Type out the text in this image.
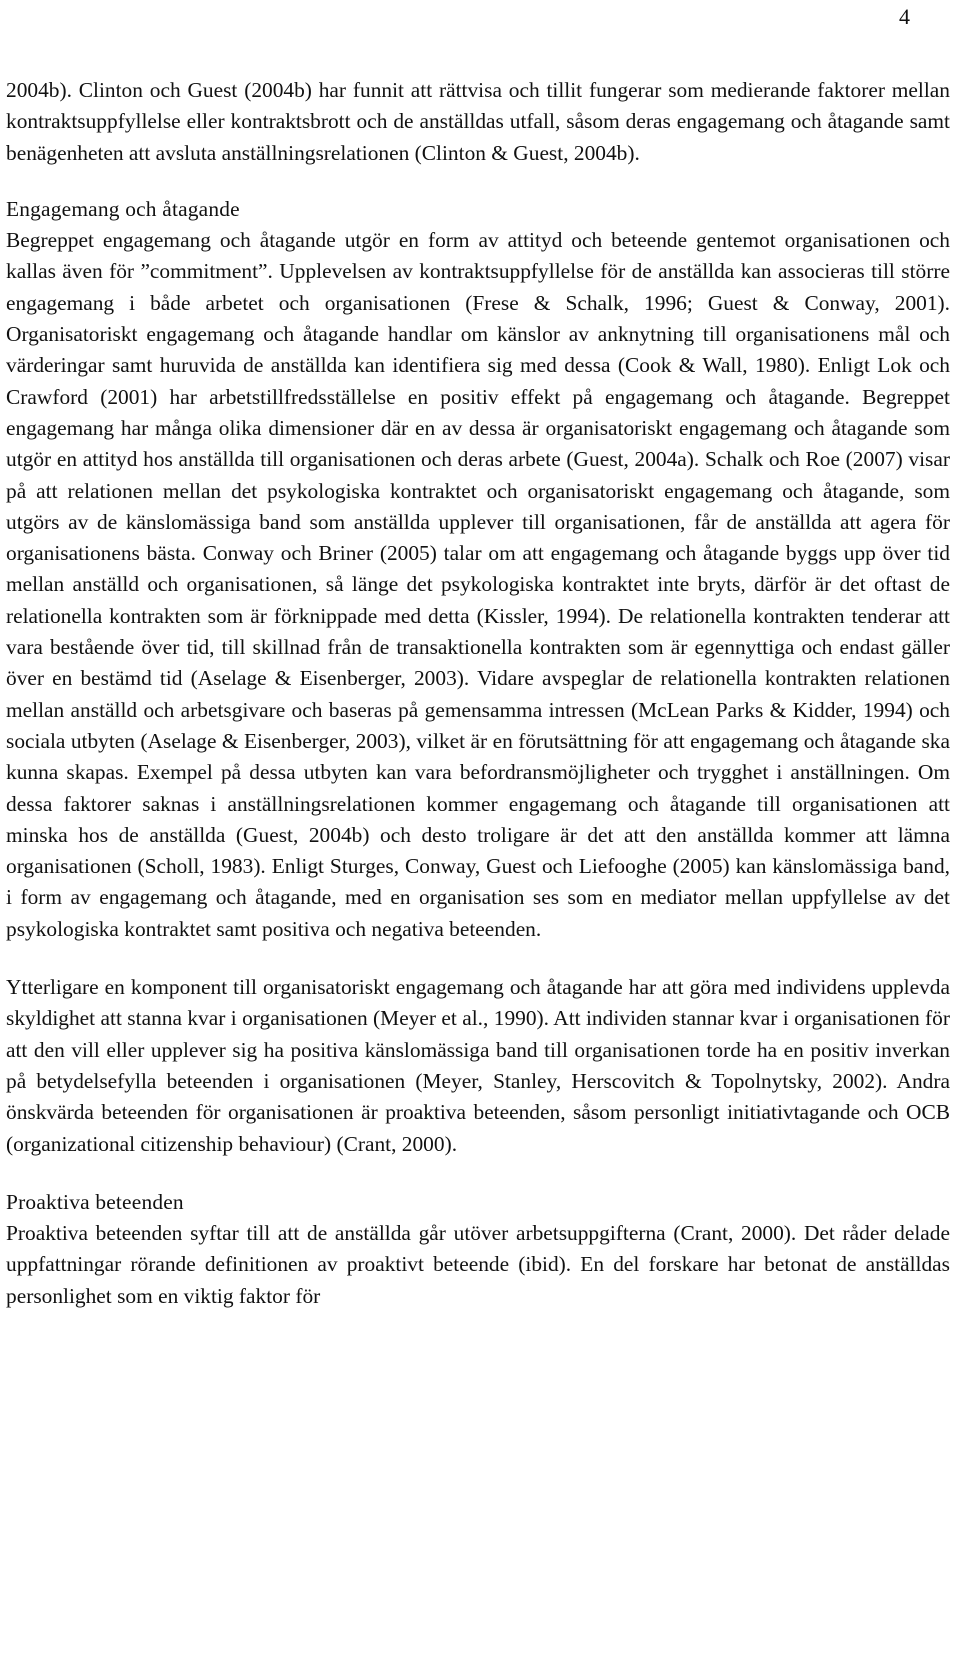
4

2004b). Clinton och Guest (2004b) har funnit att rättvisa och tillit fungerar som medierande faktorer mellan kontraktsuppfyllelse eller kontraktsbrott och de anställdas utfall, såsom deras engagemang och åtagande samt benägenheten att avsluta anställningsrelationen (Clinton & Guest, 2004b).

Engagemang och åtagande

Begreppet engagemang och åtagande utgör en form av attityd och beteende gentemot organisationen och kallas även för ”commitment”. Upplevelsen av kontraktsuppfyllelse för de anställda kan associeras till större engagemang i både arbetet och organisationen (Frese & Schalk, 1996; Guest & Conway, 2001). Organisatoriskt engagemang och åtagande handlar om känslor av anknytning till organisationens mål och värderingar samt huruvida de anställda kan identifiera sig med dessa (Cook & Wall, 1980). Enligt Lok och Crawford (2001) har arbetstillfredsställelse en positiv effekt på engagemang och åtagande. Begreppet engagemang har många olika dimensioner där en av dessa är organisatoriskt engagemang och åtagande som utgör en attityd hos anställda till organisationen och deras arbete (Guest, 2004a). Schalk och Roe (2007) visar på att relationen mellan det psykologiska kontraktet och organisatoriskt engagemang och åtagande, som utgörs av de känslomässiga band som anställda upplever till organisationen, får de anställda att agera för organisationens bästa. Conway och Briner (2005) talar om att engagemang och åtagande byggs upp över tid mellan anställd och organisationen, så länge det psykologiska kontraktet inte bryts, därför är det oftast de relationella kontrakten som är förknippade med detta (Kissler, 1994). De relationella kontrakten tenderar att vara bestående över tid, till skillnad från de transaktionella kontrakten som är egennyttiga och endast gäller över en bestämd tid (Aselage & Eisenberger, 2003). Vidare avspeglar de relationella kontrakten relationen mellan anställd och arbetsgivare och baseras på gemensamma intressen (McLean Parks & Kidder, 1994) och sociala utbyten (Aselage & Eisenberger, 2003), vilket är en förutsättning för att engagemang och åtagande ska kunna skapas. Exempel på dessa utbyten kan vara befordransmöjligheter och trygghet i anställningen. Om dessa faktorer saknas i anställningsrelationen kommer engagemang och åtagande till organisationen att minska hos de anställda (Guest, 2004b) och desto troligare är det att den anställda kommer att lämna organisationen (Scholl, 1983). Enligt Sturges, Conway, Guest och Liefooghe (2005) kan känslomässiga band, i form av engagemang och åtagande, med en organisation ses som en mediator mellan uppfyllelse av det psykologiska kontraktet samt positiva och negativa beteenden.

Ytterligare en komponent till organisatoriskt engagemang och åtagande har att göra med individens upplevda skyldighet att stanna kvar i organisationen (Meyer et al., 1990). Att individen stannar kvar i organisationen för att den vill eller upplever sig ha positiva känslomässiga band till organisationen torde ha en positiv inverkan på betydelsefylla beteenden i organisationen (Meyer, Stanley, Herscovitch & Topolnytsky, 2002). Andra önskvärda beteenden för organisationen är proaktiva beteenden, såsom personligt initiativtagande och OCB (organizational citizenship behaviour) (Crant, 2000).

Proaktiva beteenden

Proaktiva beteenden syftar till att de anställda går utöver arbetsuppgifterna (Crant, 2000). Det råder delade uppfattningar rörande definitionen av proaktivt beteende (ibid). En del forskare har betonat de anställdas personlighet som en viktig faktor för
